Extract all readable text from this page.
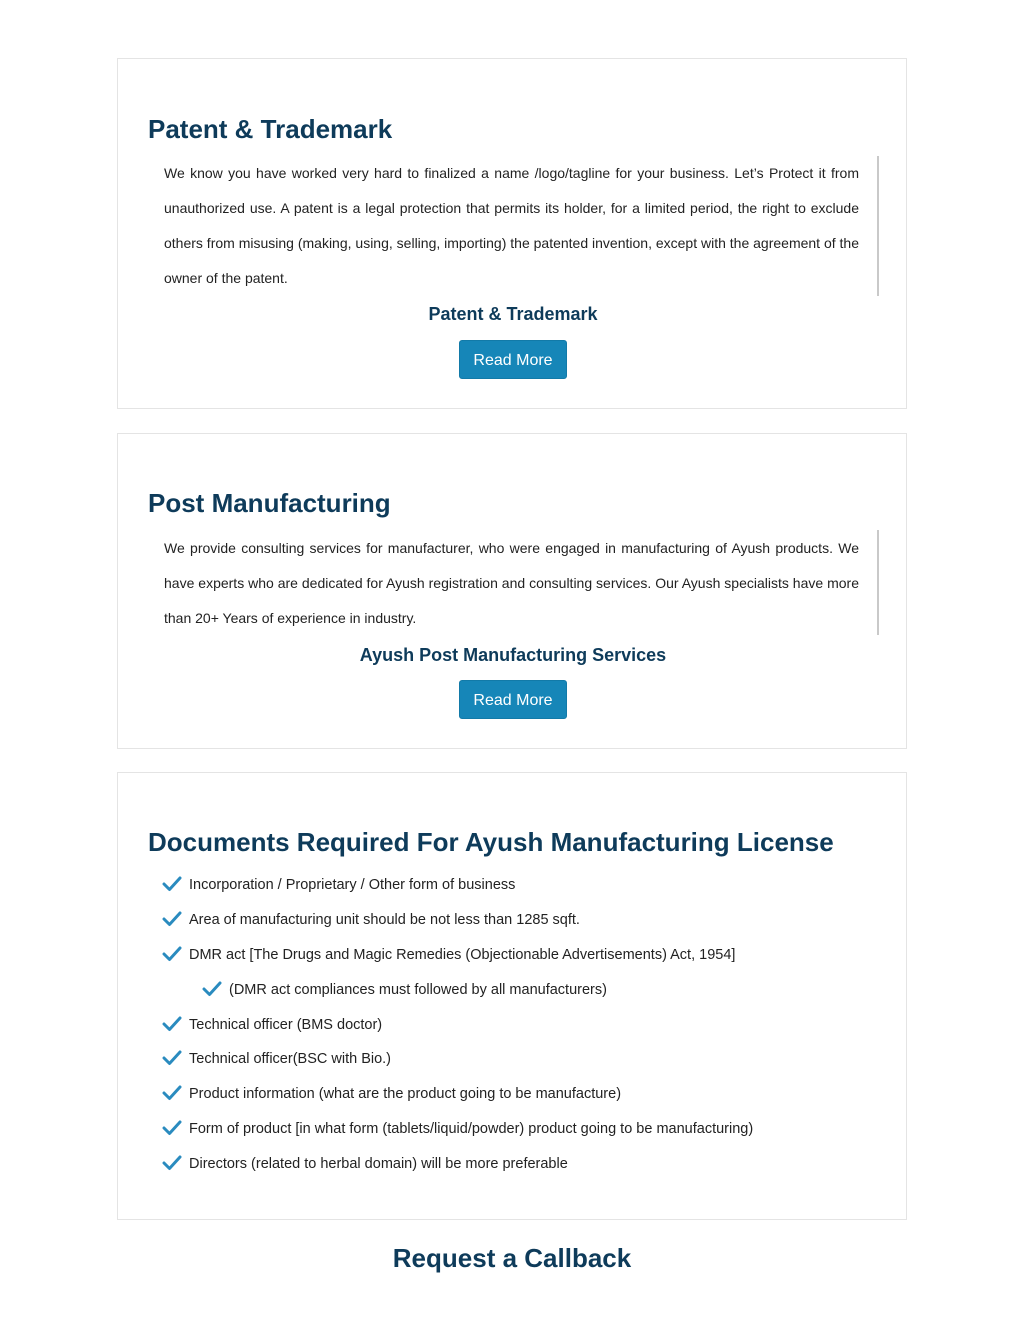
Patent & Trademark

We know you have worked very hard to finalized a name /logo/tagline for your business. Let’s Protect it from unauthorized use. A patent is a legal protection that permits its holder, for a limited period, the right to exclude others from misusing (making, using, selling, importing) the patented invention, except with the agreement of the owner of the patent.

Patent & Trademark
Read More
Post Manufacturing

We provide consulting services for manufacturer, who were engaged in manufacturing of Ayush products. We have experts who are dedicated for Ayush registration and consulting services. Our Ayush specialists have more than 20+ Years of experience in industry.

Ayush Post Manufacturing Services
Read More
Documents Required For Ayush Manufacturing License
Incorporation / Proprietary / Other form of business
Area of manufacturing unit should be not less than 1285 sqft.
DMR act [The Drugs and Magic Remedies (Objectionable Advertisements) Act, 1954]
(DMR act compliances must followed by all manufacturers)
Technical officer (BMS doctor)
Technical officer(BSC with Bio.)
Product information (what are the product going to be manufacture)
Form of product [in what form (tablets/liquid/powder) product going to be manufacturing)
Directors (related to herbal domain) will be more preferable
Request a Callback
